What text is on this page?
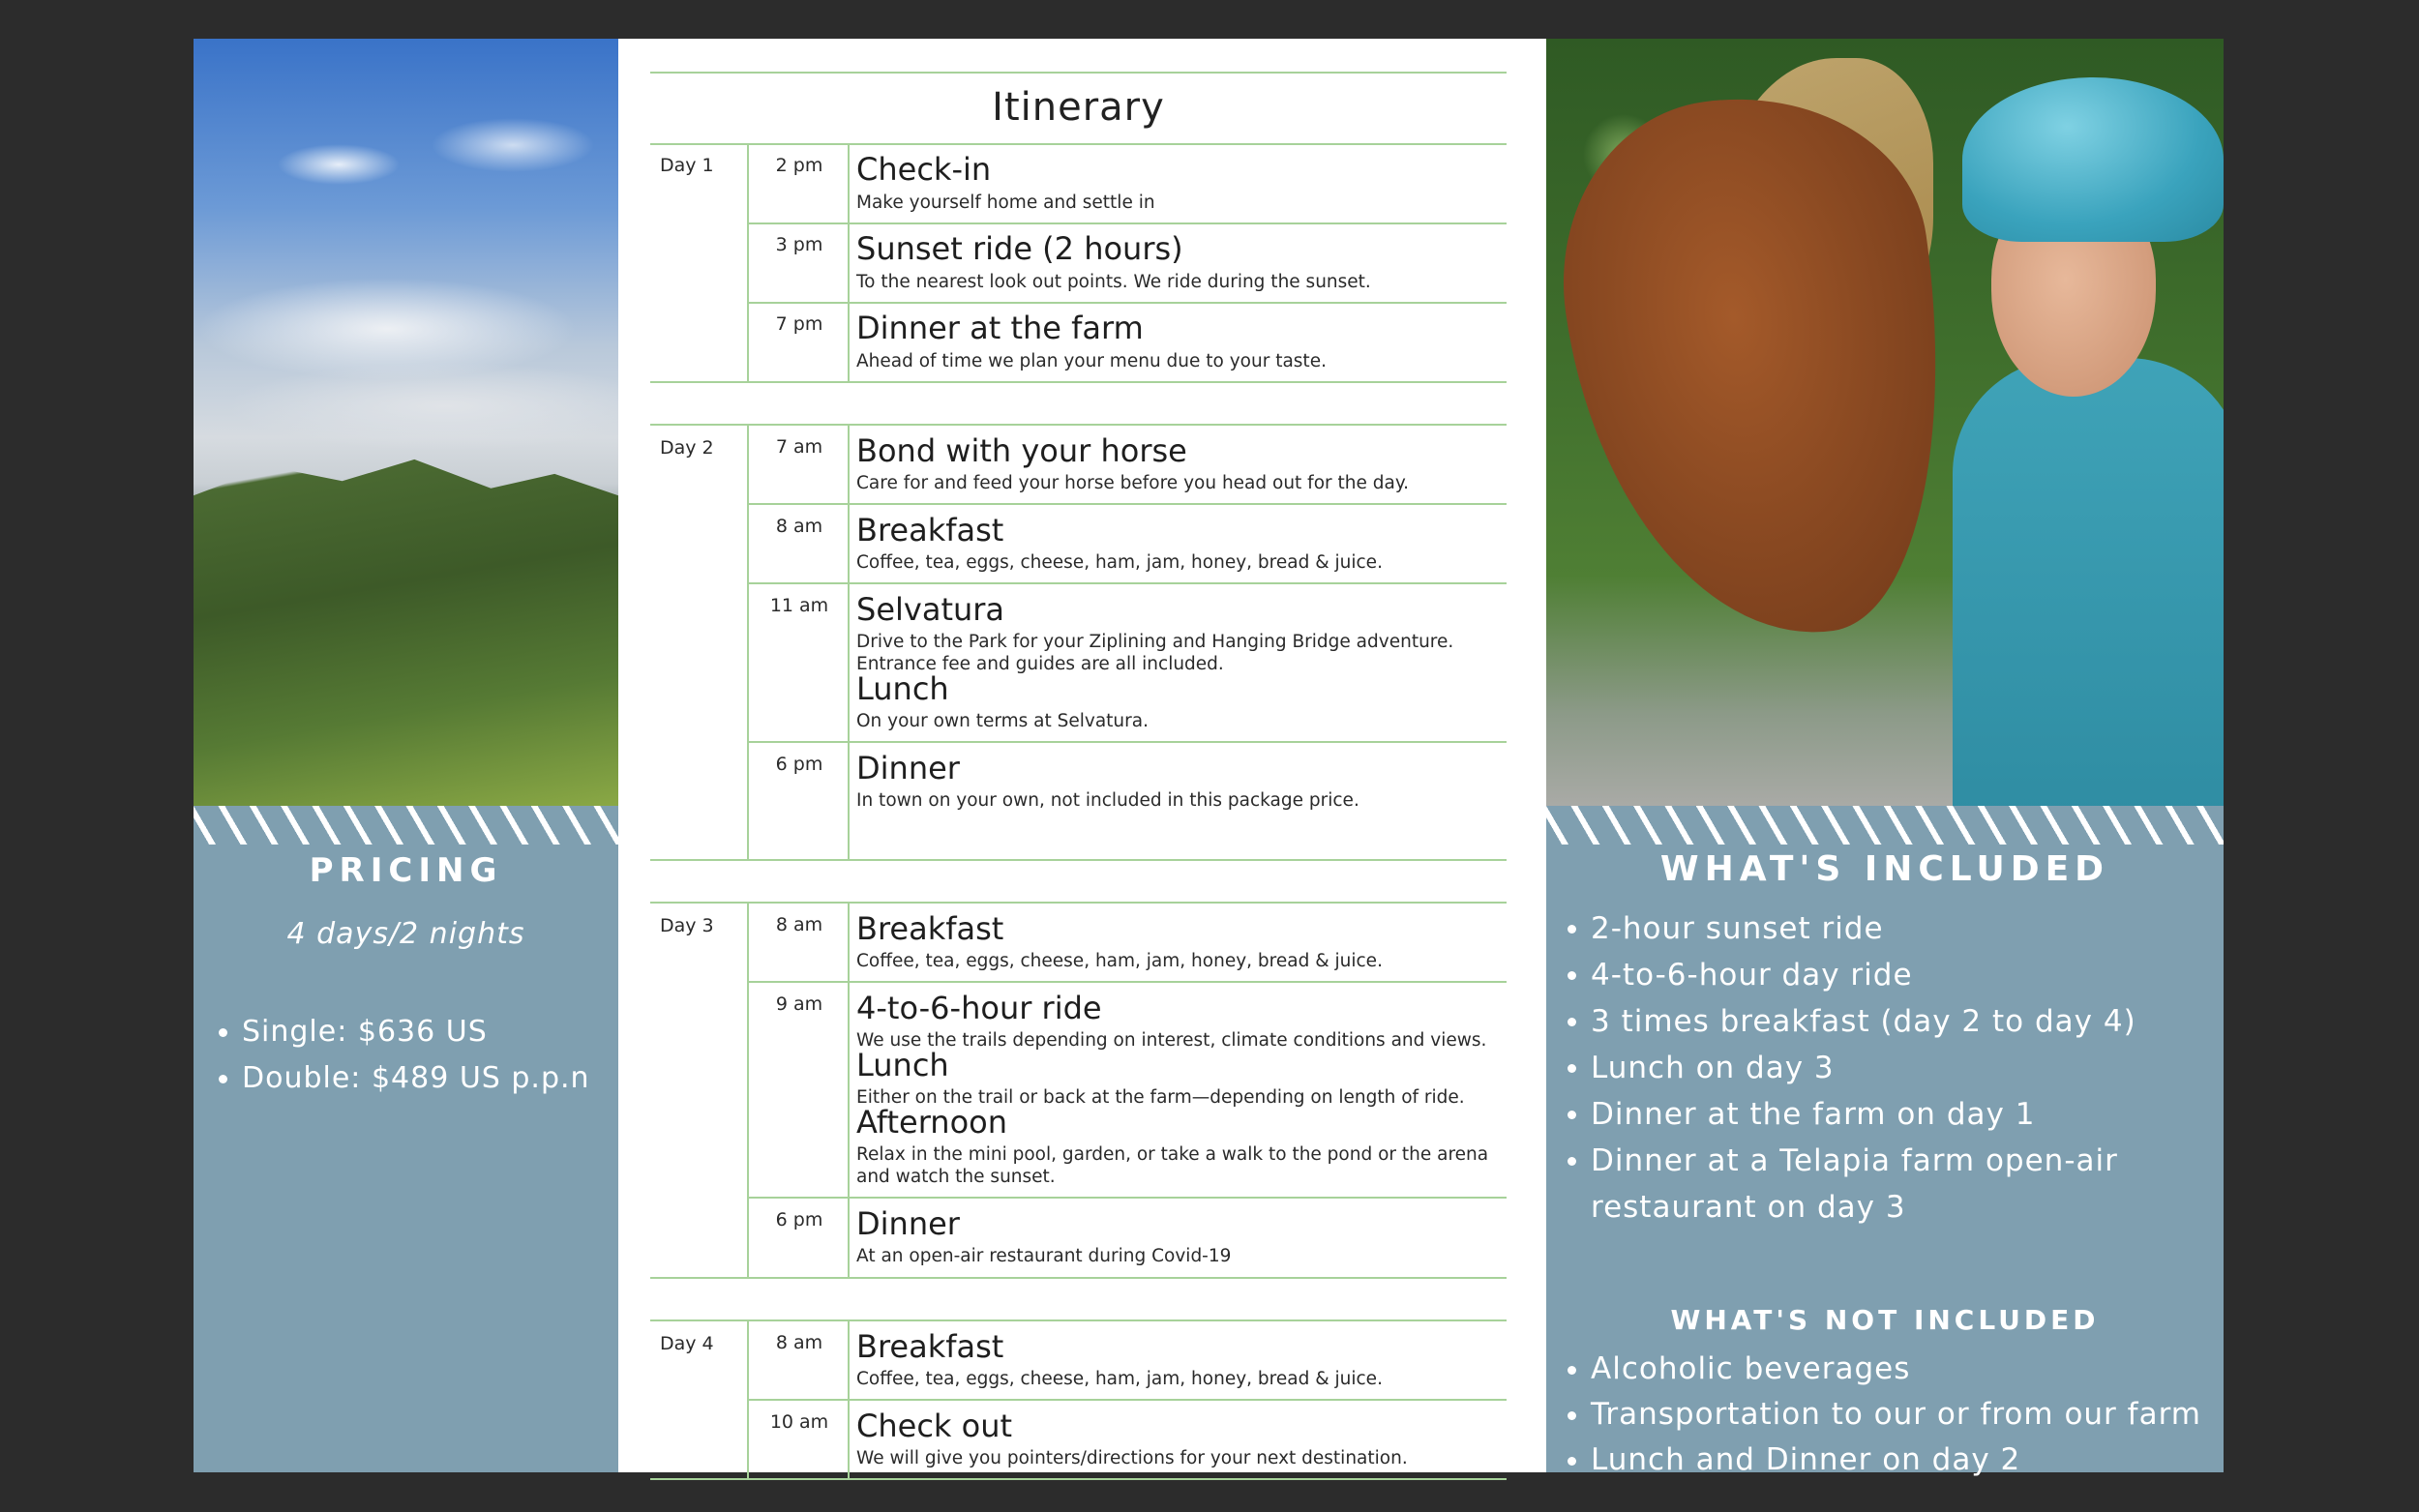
PRICING
4 days/2 nights
Single: $636 US
Double: $489 US p.p.n
Itinerary
Day 1	2 pm	Check-in
Make yourself home and settle in
3 pm	Sunset ride (2 hours)
To the nearest look out points. We ride during the sunset.
7 pm	Dinner at the farm
Ahead of time we plan your menu due to your taste.
Day 2	7 am	Bond with your horse
Care for and feed your horse before you head out for the day.
8 am	Breakfast
Coffee, tea, eggs, cheese, ham, jam, honey, bread & juice.
11 am Selvatura
Drive to the Park for your Ziplining and Hanging Bridge adventure.
Entrance fee and guides are all included.
Lunch
On your own terms at Selvatura.
6 pm	Dinner
In town on your own, not included in this package price.
Day 3	8 am	Breakfast
Coffee, tea, eggs, cheese, ham, jam, honey, bread & juice.
9 am	4-to-6-hour ride
We use the trails depending on interest, climate conditions and views.
Lunch
Either on the trail or back at the farm—depending on length of ride.
Afternoon
Relax in the mini pool, garden, or take a walk to the pond or the arena
and watch the sunset.
6 pm	Dinner
At an open-air restaurant during Covid-19
Day 4	8 am	Breakfast
Coffee, tea, eggs, cheese, ham, jam, honey, bread & juice.
10 am Check out
We will give you pointers/directions for your next destination.
WHAT'S INCLUDED
2-hour sunset ride
4-to-6-hour day ride
3 times breakfast (day 2 to day 4)
Lunch on day 3
Dinner at the farm on day 1
Dinner at a Telapia farm open-air
restaurant on day 3
WHAT'S NOT INCLUDED
Alcoholic beverages
Transportation to our or from our farm
Lunch and Dinner on day 2
